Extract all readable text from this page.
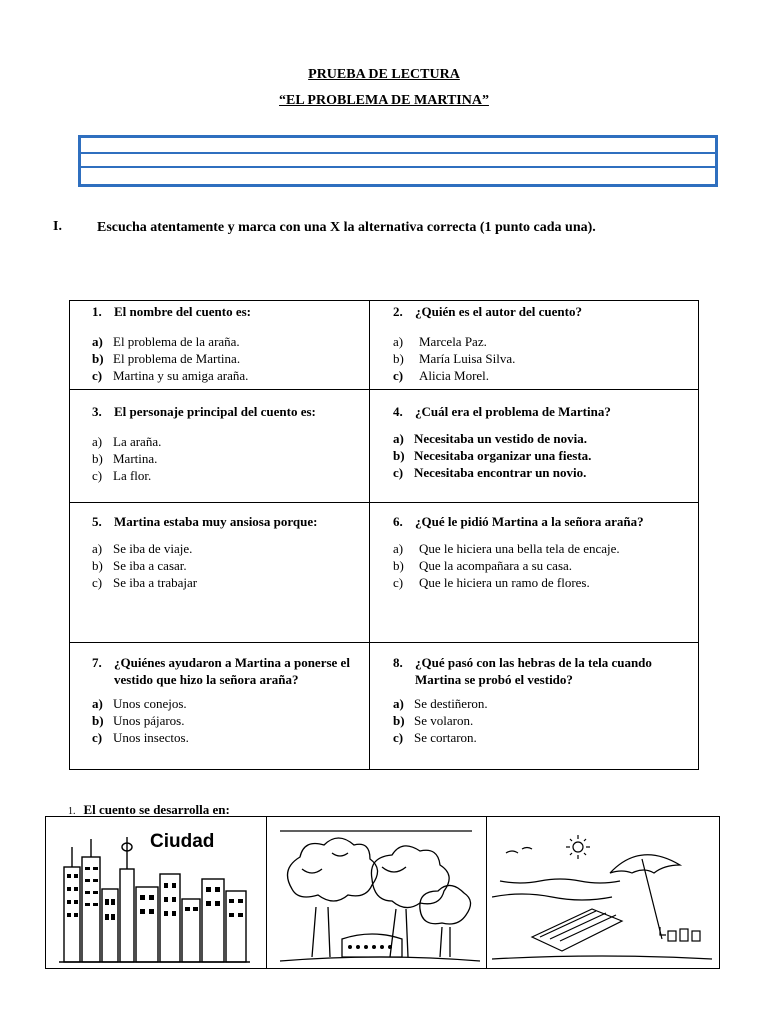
PRUEBA DE LECTURA
“EL PROBLEMA DE MARTINA”
I.	Escucha atentamente y marca con una X la alternativa correcta (1 punto cada una).
1. El nombre del cuento es:
a) El problema de la araña.
b) El problema de Martina.
c) Martina y su amiga araña.
2. ¿Quién es el autor del cuento?
a)	Marcela Paz.
b)	María Luisa Silva.
c)	Alicia Morel.
3. El personaje principal del cuento es:
a) La araña.
b) Martina.
c) La flor.
4. ¿Cuál era el problema de Martina?
a) Necesitaba un vestido de novia.
b) Necesitaba organizar una fiesta.
c) Necesitaba encontrar un novio.
5. Martina estaba muy ansiosa porque:
a) Se iba de viaje.
b) Se iba a casar.
c) Se iba a trabajar
6. ¿Qué le pidió Martina a la señora araña?
a)	Que le hiciera una bella tela de encaje.
b)	Que la acompañara a su casa.
c)	Que le hiciera un ramo de flores.
7. ¿Quiénes ayudaron a Martina a ponerse el vestido que hizo la señora araña?
a) Unos conejos.
b) Unos pájaros.
c) Unos insectos.
8. ¿Qué pasó con las hebras de la tela cuando Martina se probó el vestido?
a) Se destiñeron.
b) Se volaron.
c) Se cortaron.
1. El cuento se desarrolla en:
Ciudad
